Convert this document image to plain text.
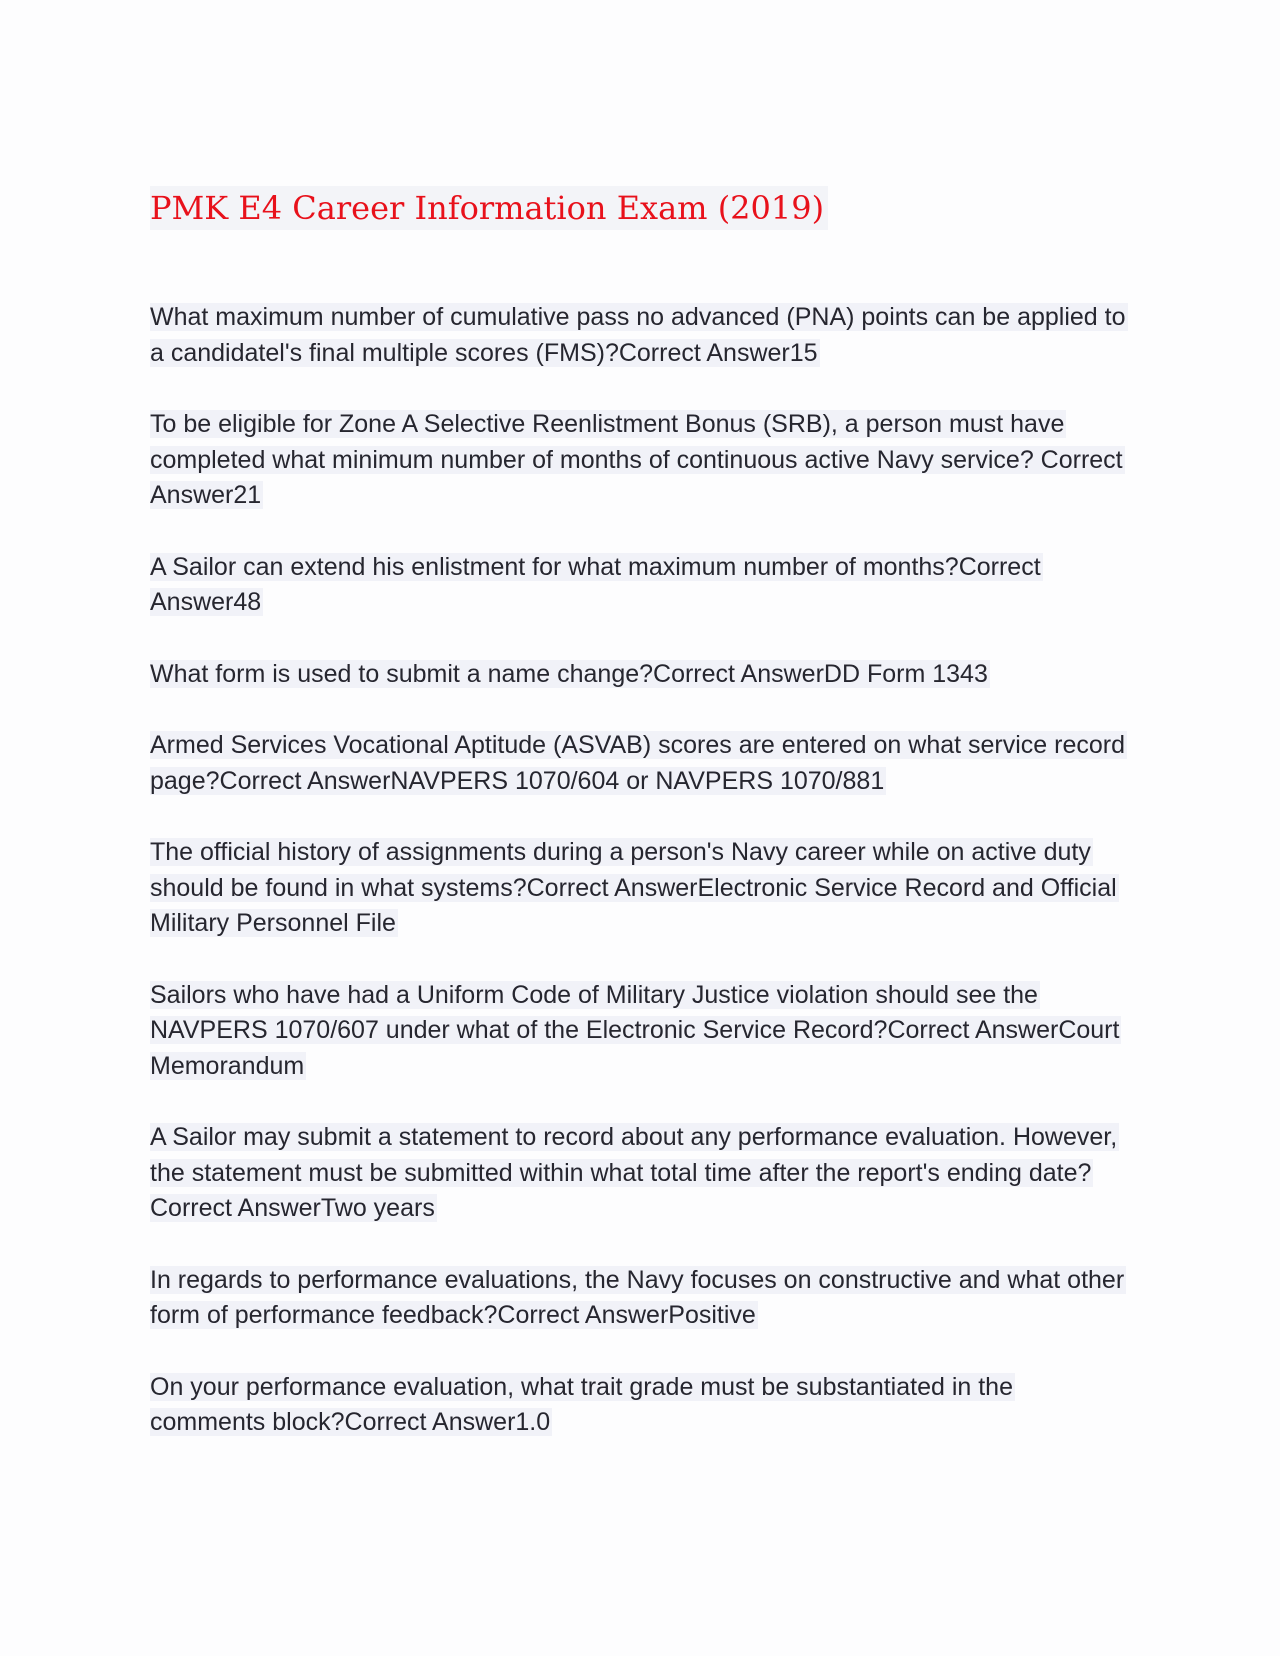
PMK E4 Career Information Exam (2019)
What maximum number of cumulative pass no advanced (PNA) points can be applied to a candidatel's final multiple scores (FMS)?Correct Answer15
To be eligible for Zone A Selective Reenlistment Bonus (SRB), a person must have completed what minimum number of months of continuous active Navy service? Correct Answer21
A Sailor can extend his enlistment for what maximum number of months?Correct Answer48
What form is used to submit a name change?Correct AnswerDD Form 1343
Armed Services Vocational Aptitude (ASVAB) scores are entered on what service record page?Correct AnswerNAVPERS 1070/604 or NAVPERS 1070/881
The official history of assignments during a person's Navy career while on active duty should be found in what systems?Correct AnswerElectronic Service Record and Official Military Personnel File
Sailors who have had a Uniform Code of Military Justice violation should see the NAVPERS 1070/607 under what of the Electronic Service Record?Correct AnswerCourt Memorandum
A Sailor may submit a statement to record about any performance evaluation. However, the statement must be submitted within what total time after the report's ending date?Correct AnswerTwo years
In regards to performance evaluations, the Navy focuses on constructive and what other form of performance feedback?Correct AnswerPositive
On your performance evaluation, what trait grade must be substantiated in the comments block?Correct Answer1.0
